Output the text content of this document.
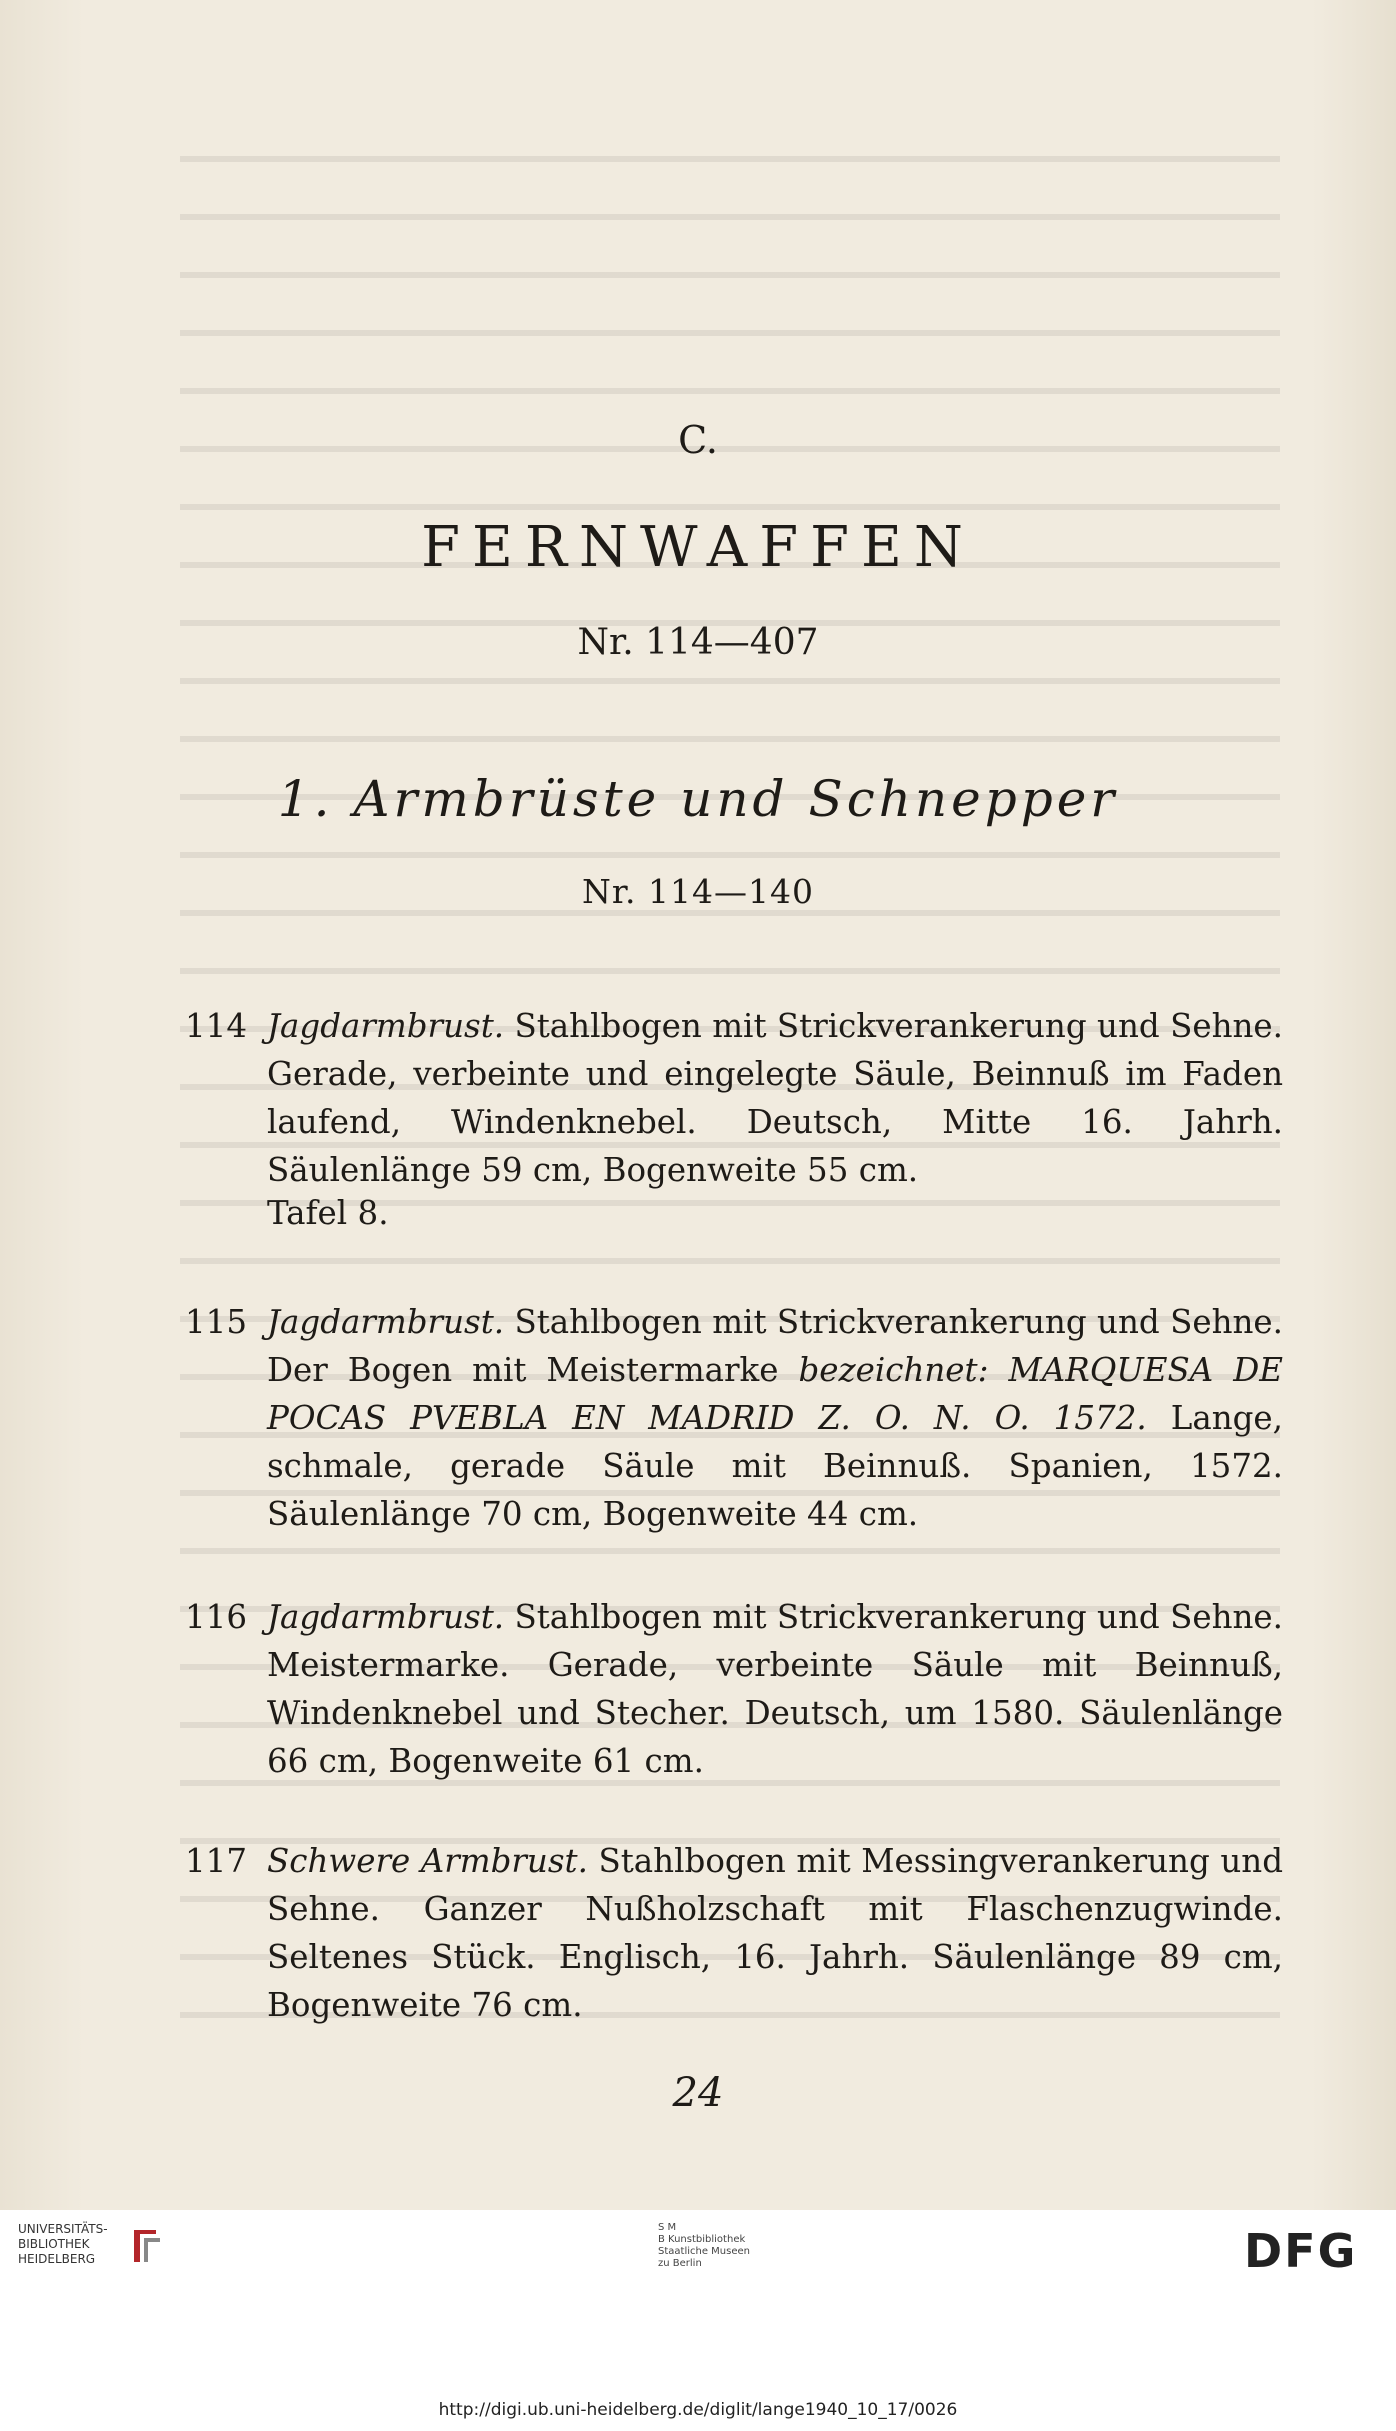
C.
FERNWAFFEN
Nr. 114—407
1. Armbrüste und Schnepper
Nr. 114—140
114 Jagdarmbrust. Stahlbogen mit Strickverankerung und Sehne. Gerade, verbeinte und eingelegte Säule, Beinnuß im Faden laufend, Windenknebel. Deutsch, Mitte 16. Jahrh. Säulenlänge 59 cm, Bogenweite 55 cm.
Tafel 8.
115 Jagdarmbrust. Stahlbogen mit Strickverankerung und Sehne. Der Bogen mit Meistermarke bezeichnet: MARQUESA DE POCAS PVEBLA EN MADRID Z. O. N. O. 1572. Lange, schmale, gerade Säule mit Beinnuß. Spanien, 1572. Säulenlänge 70 cm, Bogenweite 44 cm.
116 Jagdarmbrust. Stahlbogen mit Strickverankerung und Sehne. Meistermarke. Gerade, verbeinte Säule mit Beinnuß, Windenknebel und Stecher. Deutsch, um 1580. Säulenlänge 66 cm, Bogenweite 61 cm.
117 Schwere Armbrust. Stahlbogen mit Messingverankerung und Sehne. Ganzer Nußholzschaft mit Flaschenzugwinde. Seltenes Stück. Englisch, 16. Jahrh. Säulenlänge 89 cm, Bogenweite 76 cm.
24
UNIVERSITÄTS-
BIBLIOTHEK
HEIDELBERG
S M
B Kunstbibliothek
Staatliche Museen
zu Berlin	DFG
http://digi.ub.uni-heidelberg.de/diglit/lange1940_10_17/0026
